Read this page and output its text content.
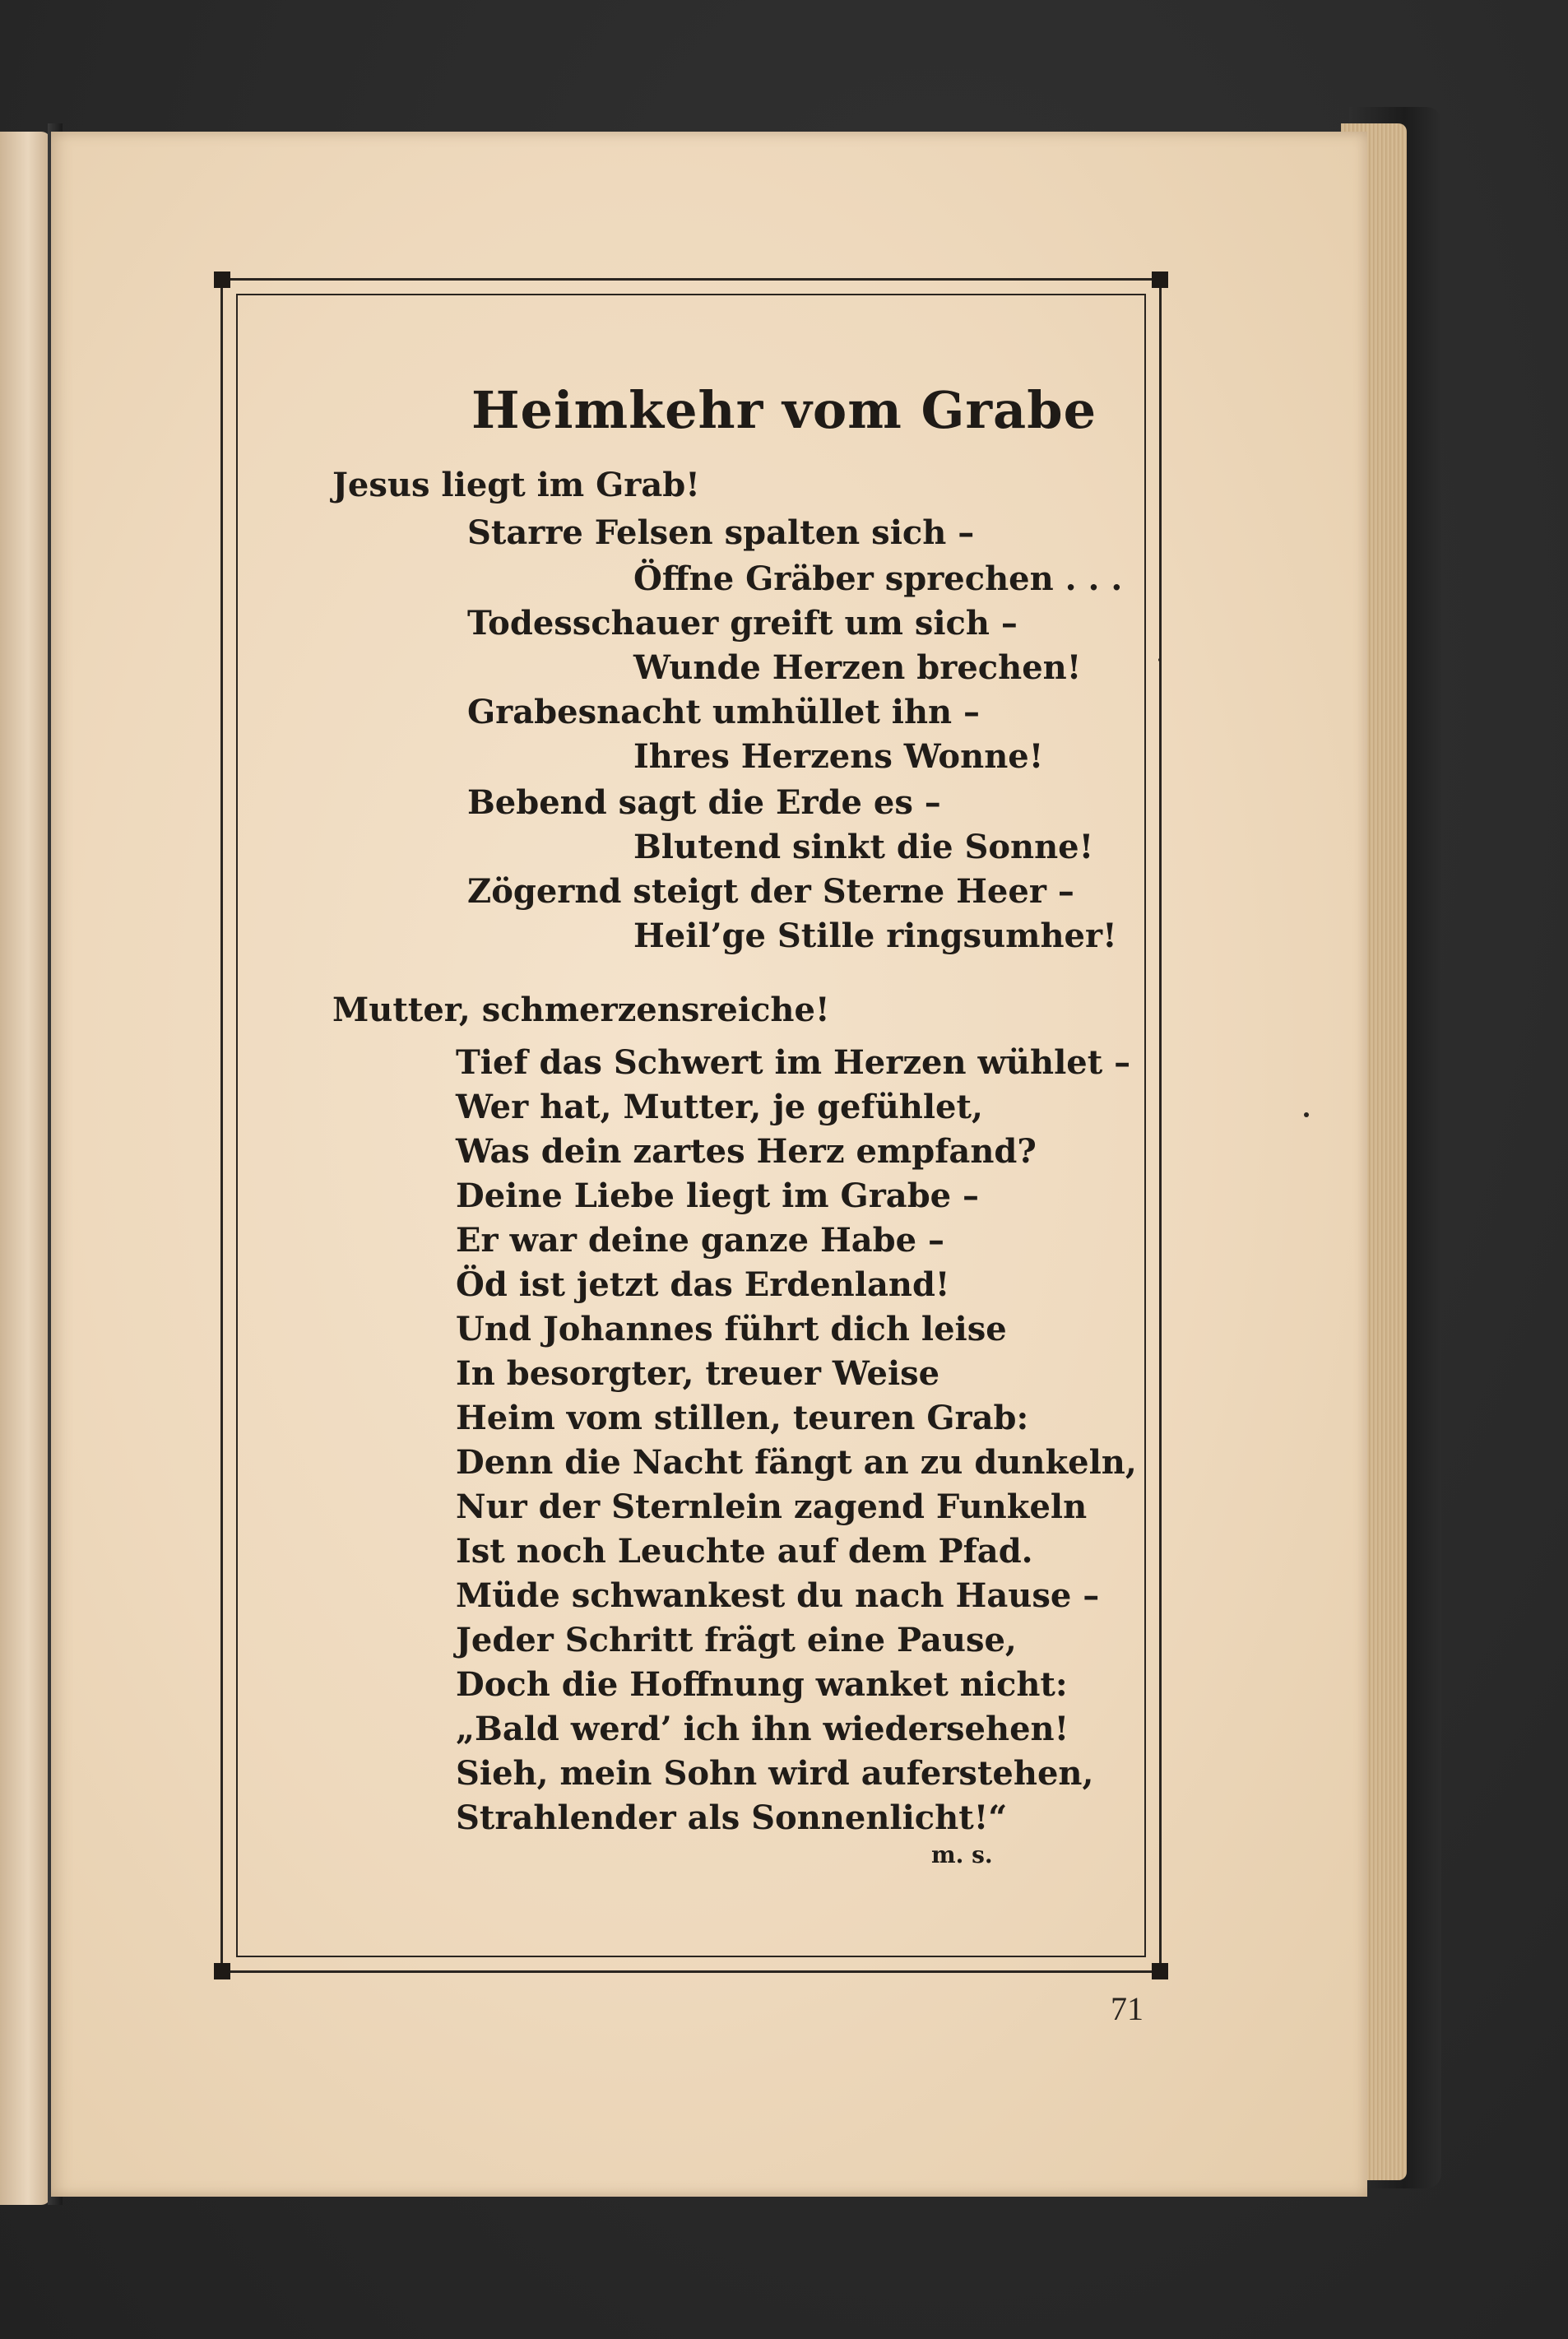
Heimkehr vom Grabe

Jesus liegt im Grab!

Starre Felsen spalten sich –

Öffne Gräber sprechen . . .

Todesschauer greift um sich –

Wunde Herzen brechen!

Grabesnacht umhüllet ihn –

Ihres Herzens Wonne!

Bebend sagt die Erde es –

Blutend sinkt die Sonne!

Zögernd steigt der Sterne Heer –

Heil’ge Stille ringsumher!

Mutter, schmerzensreiche!

Tief das Schwert im Herzen wühlet –

Wer hat, Mutter, je gefühlet,

Was dein zartes Herz empfand?

Deine Liebe liegt im Grabe –

Er war deine ganze Habe –

Öd ist jetzt das Erdenland!

Und Johannes führt dich leise

In besorgter, treuer Weise

Heim vom stillen, teuren Grab:

Denn die Nacht fängt an zu dunkeln,

Nur der Sternlein zagend Funkeln

Ist noch Leuchte auf dem Pfad.

Müde schwankest du nach Hause –

Jeder Schritt frägt eine Pause,

Doch die Hoffnung wanket nicht:

„Bald werd’ ich ihn wiedersehen!

Sieh, mein Sohn wird auferstehen,

Strahlender als Sonnenlicht!“

m. s.

71
